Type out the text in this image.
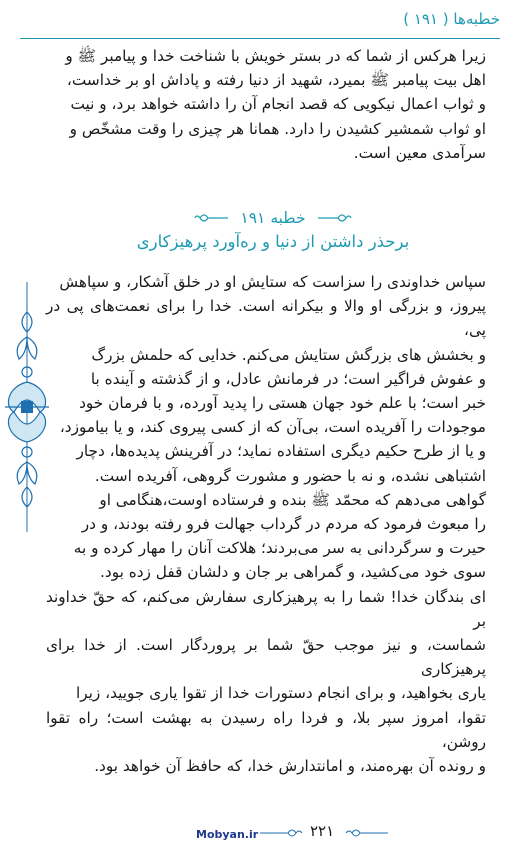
خطبه‌ها ( ۱۹۱ )

زیرا هرکس از شما که در بستر خویش با شناخت خدا و پیامبر ﷺ و

اهل بیت پیامبر ﷺ بمیرد، شهید از دنیا رفته و پاداش او بر خداست،

و ثواب اعمال نیکویی که قصد انجام آن را داشته خواهد برد، و نیت

او ثواب شمشیر کشیدن را دارد. همانا هر چیزی را وقت مشخّص و

سرآمدی معین است.

خطبه ۱۹۱
برحذر داشتن از دنیا و ره‌آورد پرهیزکاری

سپاس خداوندی را سزاست که ستایش او در خلق آشکار، و سپاهش

پیروز، و بزرگی او والا و بیکرانه است. خدا را برای نعمت‌های پی در پی،

و بخشش های بزرگش ستایش می‌کنم. خدایی که حلمش بزرگ

و عفوش فراگیر است؛ در فرمانش عادل، و از گذشته و آینده با

خبر است؛ با علم خود جهان هستی را پدید آورده، و با فرمان خود

موجودات را آفریده است، بی‌آن که از کسی پیروی کند، و یا بیاموزد،

و یا از طرح حکیم دیگری استفاده نماید؛ در آفرینش پدیده‌ها، دچار

اشتباهی نشده، و نه با حضور و مشورت گروهی، آفریده است.

گواهی می‌دهم که محمّد ﷺ بنده و فرستاده اوست،هنگامی او

را مبعوث فرمود که مردم در گرداب جهالت فرو رفته بودند، و در

حیرت و سرگردانی به سر می‌بردند؛ هلاکت آنان را مهار کرده و به

سوی خود می‌کشید، و گمراهی بر جان و دلشان قفل زده بود.

ای بندگان خدا! شما را به پرهیزکاری سفارش می‌کنم، که حقّ خداوند بر

شماست، و نیز موجب حقّ شما بر پروردگار است. از خدا برای پرهیزکاری

یاری بخواهید، و برای انجام دستورات خدا از تقوا یاری جویید، زیرا

تقوا، امروز سپر بلا، و فردا راه رسیدن به بهشت است؛ راه تقوا روشن،

و رونده آن بهره‌مند، و امانتدارش خدا، که حافظ آن خواهد بود.

Mobyan.ir	۲۲۱
